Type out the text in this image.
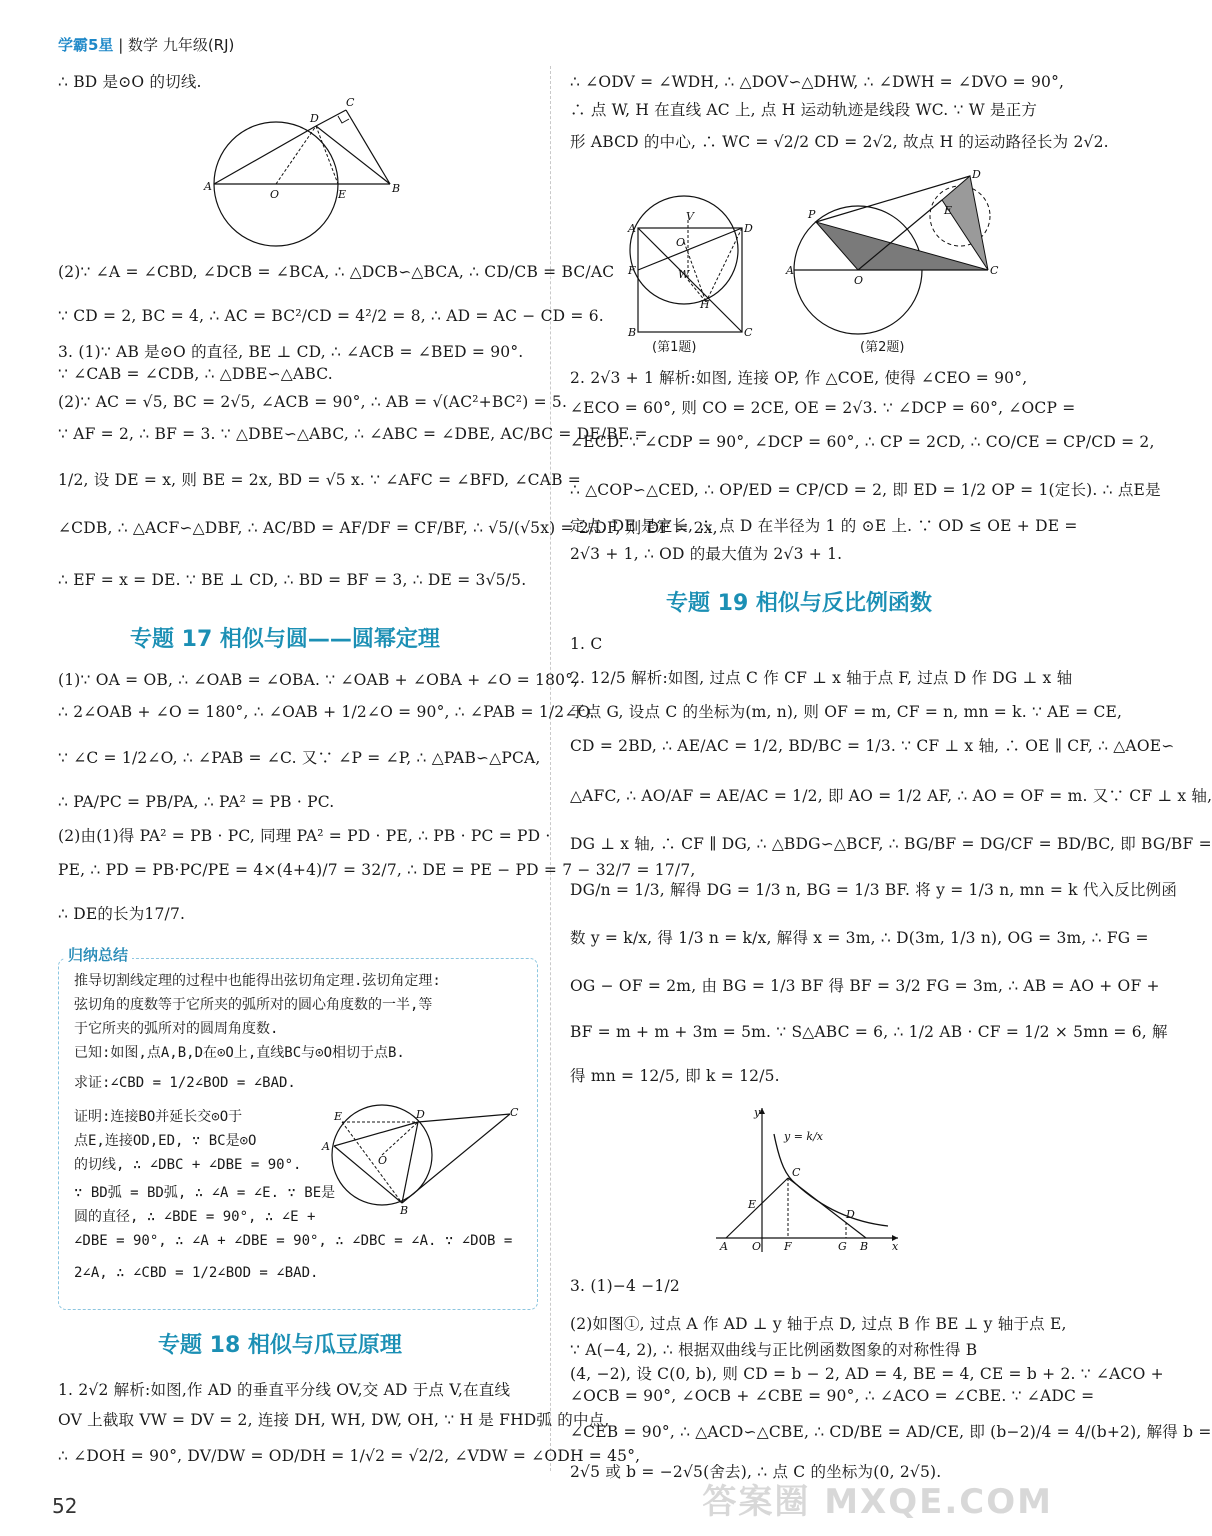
学霸5星 | 数学 九年级(RJ)
∴ BD 是⊙O 的切线.
A
O	E	B
D
C
(2)∵ ∠A = ∠CBD, ∠DCB = ∠BCA, ∴ △DCB∽△BCA, ∴ CD/CB = BC/AC
∵ CD = 2, BC = 4, ∴ AC = BC²/CD = 4²/2 = 8, ∴ AD = AC − CD = 6.
3. (1)∵ AB 是⊙O 的直径, BE ⊥ CD, ∴ ∠ACB = ∠BED = 90°.
∵ ∠CAB = ∠CDB, ∴ △DBE∽△ABC.
(2)∵ AC = √5, BC = 2√5, ∠ACB = 90°, ∴ AB = √(AC²+BC²) = 5.
∵ AF = 2, ∴ BF = 3. ∵ △DBE∽△ABC, ∴ ∠ABC = ∠DBE, AC/BC = DE/BE =
1/2, 设 DE = x, 则 BE = 2x, BD = √5 x. ∵ ∠AFC = ∠BFD, ∠CAB =
∠CDB, ∴ △ACF∽△DBF, ∴ AC/BD = AF/DF = CF/BF, ∴ √5/(√5x) = 2/DF, 则 DF = 2x,
∴ EF = x = DE. ∵ BE ⊥ CD, ∴ BD = BF = 3, ∴ DE = 3√5/5.
专题 17 相似与圆——圆幂定理
(1)∵ OA = OB, ∴ ∠OAB = ∠OBA. ∵ ∠OAB + ∠OBA + ∠O = 180°,
∴ 2∠OAB + ∠O = 180°, ∴ ∠OAB + 1/2∠O = 90°, ∴ ∠PAB = 1/2∠O.
∵ ∠C = 1/2∠O, ∴ ∠PAB = ∠C. 又∵ ∠P = ∠P, ∴ △PAB∽△PCA,
∴ PA/PC = PB/PA, ∴ PA² = PB · PC.
(2)由(1)得 PA² = PB · PC, 同理 PA² = PD · PE, ∴ PB · PC = PD ·
PE, ∴ PD = PB·PC/PE = 4×(4+4)/7 = 32/7, ∴ DE = PE − PD = 7 − 32/7 = 17/7,
∴ DE的长为17/7.
归纳总结
推导切割线定理的过程中也能得出弦切角定理.弦切角定理:
弦切角的度数等于它所夹的弧所对的圆心角度数的一半,等
于它所夹的弧所对的圆周角度数.
已知:如图,点A,B,D在⊙O上,直线BC与⊙O相切于点B.
求证:∠CBD = 1/2∠BOD = ∠BAD.
证明:连接BO并延长交⊙O于
点E,连接OD,ED, ∵ BC是⊙O
的切线, ∴ ∠DBC + ∠DBE = 90°.
∵ BD弧 = BD弧, ∴ ∠A = ∠E. ∵ BE是
圆的直径, ∴ ∠BDE = 90°, ∴ ∠E +
∠DBE = 90°, ∴ ∠A + ∠DBE = 90°, ∴ ∠DBC = ∠A. ∵ ∠DOB =
2∠A, ∴ ∠CBD = 1/2∠BOD = ∠BAD.
E	D	C
A
O
B
专题 18 相似与瓜豆原理
1. 2√2 解析:如图,作 AD 的垂直平分线 OV,交 AD 于点 V,在直线
OV 上截取 VW = DV = 2, 连接 DH, WH, DW, OH, ∵ H 是 FHD弧 的中点,
∴ ∠DOH = 90°, DV/DW = OD/DH = 1/√2 = √2/2, ∠VDW = ∠ODH = 45°,
∴ ∠ODV = ∠WDH, ∴ △DOV∽△DHW, ∴ ∠DWH = ∠DVO = 90°,
∴ 点 W, H 在直线 AC 上, 点 H 运动轨迹是线段 WC. ∵ W 是正方
形 ABCD 的中心, ∴ WC = √2/2 CD = 2√2, 故点 H 的运动路径长为 2√2.
A	D
B	C
F
V
O
W
H
(第1题)
P
A
O
C
D
E
(第2题)
2. 2√3 + 1 解析:如图, 连接 OP, 作 △COE, 使得 ∠CEO = 90°,
∠ECO = 60°, 则 CO = 2CE, OE = 2√3. ∵ ∠DCP = 60°, ∠OCP =
∠ECD. ∵ ∠CDP = 90°, ∠DCP = 60°, ∴ CP = 2CD, ∴ CO/CE = CP/CD = 2,
∴ △COP∽△CED, ∴ OP/ED = CP/CD = 2, 即 ED = 1/2 OP = 1(定长). ∴ 点E是
定点, DE 是定长, ∴ 点 D 在半径为 1 的 ⊙E 上. ∵ OD ≤ OE + DE =
2√3 + 1, ∴ OD 的最大值为 2√3 + 1.
专题 19 相似与反比例函数
1. C
2. 12/5 解析:如图, 过点 C 作 CF ⊥ x 轴于点 F, 过点 D 作 DG ⊥ x 轴
于点 G, 设点 C 的坐标为(m, n), 则 OF = m, CF = n, mn = k. ∵ AE = CE,
CD = 2BD, ∴ AE/AC = 1/2, BD/BC = 1/3. ∵ CF ⊥ x 轴, ∴ OE ∥ CF, ∴ △AOE∽
△AFC, ∴ AO/AF = AE/AC = 1/2, 即 AO = 1/2 AF, ∴ AO = OF = m. 又∵ CF ⊥ x 轴,
DG ⊥ x 轴, ∴ CF ∥ DG, ∴ △BDG∽△BCF, ∴ BG/BF = DG/CF = BD/BC, 即 BG/BF =
DG/n = 1/3, 解得 DG = 1/3 n, BG = 1/3 BF. 将 y = 1/3 n, mn = k 代入反比例函
数 y = k/x, 得 1/3 n = k/x, 解得 x = 3m, ∴ D(3m, 1/3 n), OG = 3m, ∴ FG =
OG − OF = 2m, 由 BG = 1/3 BF 得 BF = 3/2 FG = 3m, ∴ AB = AO + OF +
BF = m + m + 3m = 5m. ∵ S△ABC = 6, ∴ 1/2 AB · CF = 1/2 × 5mn = 6, 解
得 mn = 12/5, 即 k = 12/5.
y
x
A O F	G B
E
C
D
y = k/x
3. (1)−4 −1/2
(2)如图①, 过点 A 作 AD ⊥ y 轴于点 D, 过点 B 作 BE ⊥ y 轴于点 E,
∵ A(−4, 2), ∴ 根据双曲线与正比例函数图象的对称性得 B
(4, −2), 设 C(0, b), 则 CD = b − 2, AD = 4, BE = 4, CE = b + 2. ∵ ∠ACO +
∠OCB = 90°, ∠OCB + ∠CBE = 90°, ∴ ∠ACO = ∠CBE. ∵ ∠ADC =
∠CEB = 90°, ∴ △ACD∽△CBE, ∴ CD/BE = AD/CE, 即 (b−2)/4 = 4/(b+2), 解得 b =
2√5 或 b = −2√5(舍去), ∴ 点 C 的坐标为(0, 2√5).
52	答案圈 MXQE.COM
